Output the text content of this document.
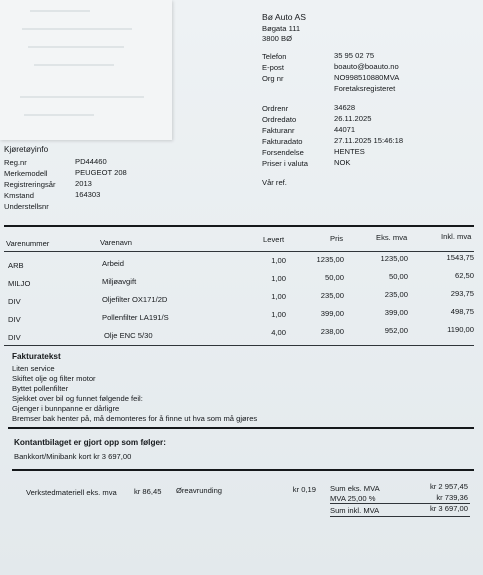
Bø Auto AS
Bøgata 111
3800 BØ
Telefon	35 95 02 75
E-post	boauto@boauto.no
Org nr	NO998510880MVA
Foretaksregisteret
Ordrenr	34628
Ordredato	26.11.2025
Fakturanr	44071
Fakturadato	27.11.2025 15:46:18
Forsendelse	HENTES
Priser i valuta	NOK
Vår ref.
Kjøretøyinfo
Reg.nr	PD44460
Merkemodell	PEUGEOT 208
Registreringsår	2013
Kmstand	164303
Understellsnr
Varenummer	Varenavn	Levert	Pris	Eks. mva	Inkl. mva
ARB	Arbeid	1,00	1235,00	1235,00	1543,75
MILJO	Miljøavgift	1,00	50,00	50,00	62,50
DIV	Oljefilter OX171/2D	1,00	235,00	235,00	293,75
DIV	Pollenfilter LA191/S	1,00	399,00	399,00	498,75
DIV	Olje ENC 5/30	4,00	238,00	952,00	1190,00
Fakturatekst
Liten service
Skiftet olje og filter motor
Byttet pollenfilter
Sjekket over bil og funnet følgende feil:
Gjenger i bunnpanne er dårligre
Bremser bak henter på, må demonteres for å finne ut hva som må gjøres
Kontantbilaget er gjort opp som følger:
Bankkort/Minibank kort kr 3 697,00
Verkstedmateriell eks. mva kr 86,45 Øreavrunding	kr 0,19 Sum eks. MVA	kr 2 957,45
MVA 25,00 %	kr 739,36
Sum inkl. MVA	kr 3 697,00
